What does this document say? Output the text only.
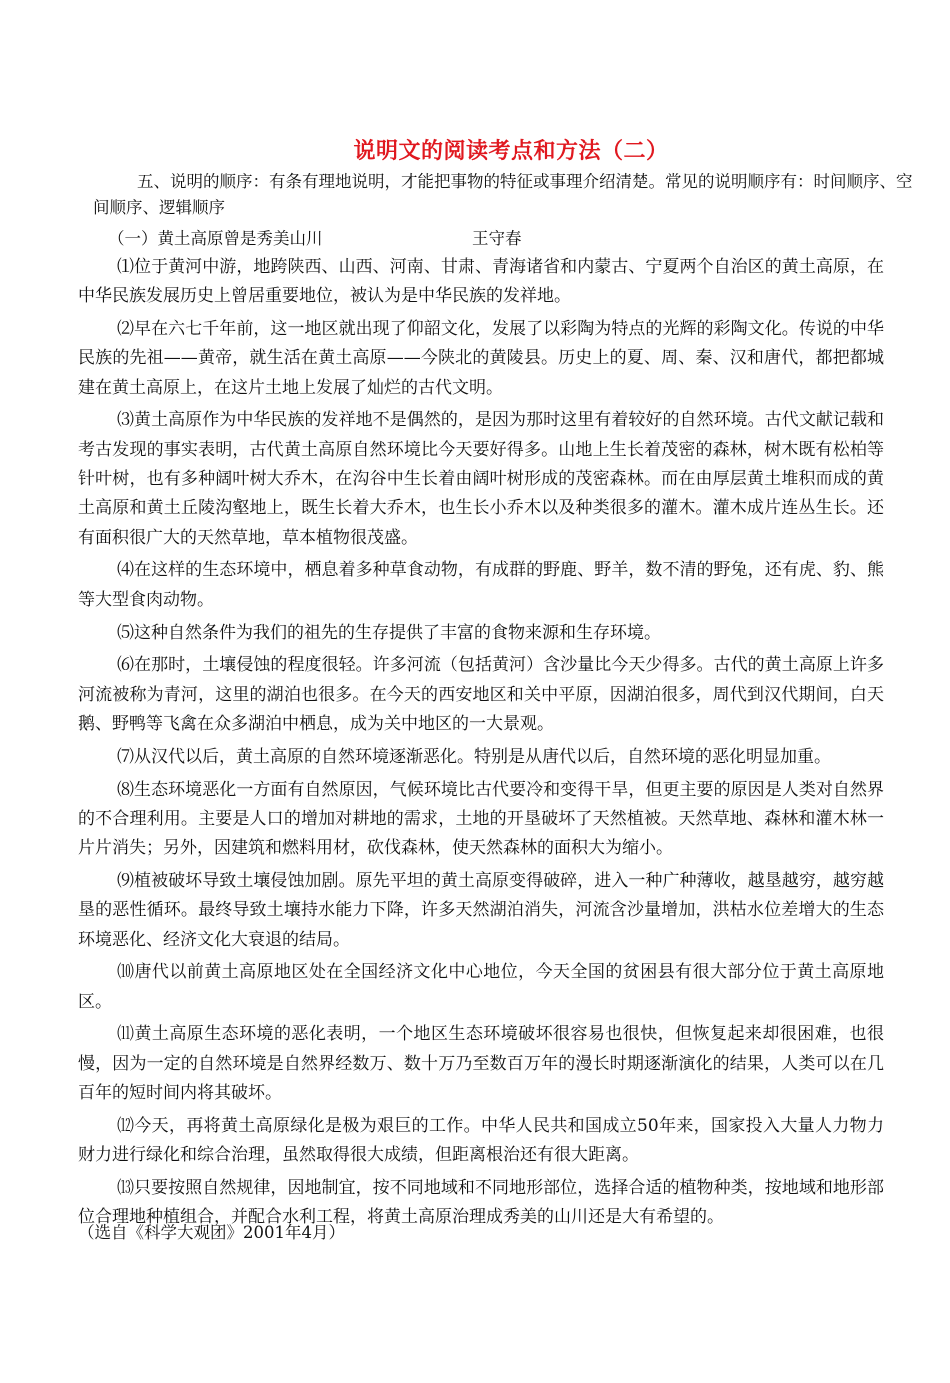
说明文的阅读考点和方法（二）
五、说明的顺序：有条有理地说明，才能把事物的特征或事理介绍清楚。常见的说明顺序有：时间顺序、空间顺序、逻辑顺序
（一）黄土高原曾是秀美山川	王守春

⑴位于黄河中游，地跨陕西、山西、河南、甘肃、青海诸省和内蒙古、宁夏两个自治区的黄土高原，在中华民族发展历史上曾居重要地位，被认为是中华民族的发祥地。

⑵早在六七千年前，这一地区就出现了仰韶文化，发展了以彩陶为特点的光辉的彩陶文化。传说的中华民族的先祖——黄帝，就生活在黄土高原——今陕北的黄陵县。历史上的夏、周、秦、汉和唐代，都把都城建在黄土高原上，在这片土地上发展了灿烂的古代文明。

⑶黄土高原作为中华民族的发祥地不是偶然的，是因为那时这里有着较好的自然环境。古代文献记载和考古发现的事实表明，古代黄土高原自然环境比今天要好得多。山地上生长着茂密的森林，树木既有松柏等针叶树，也有多种阔叶树大乔木，在沟谷中生长着由阔叶树形成的茂密森林。而在由厚层黄土堆积而成的黄土高原和黄土丘陵沟壑地上，既生长着大乔木，也生长小乔木以及种类很多的灌木。灌木成片连丛生长。还有面积很广大的天然草地，草本植物很茂盛。

⑷在这样的生态环境中，栖息着多种草食动物，有成群的野鹿、野羊，数不清的野兔，还有虎、豹、熊等大型食肉动物。

⑸这种自然条件为我们的祖先的生存提供了丰富的食物来源和生存环境。

⑹在那时，土壤侵蚀的程度很轻。许多河流（包括黄河）含沙量比今天少得多。古代的黄土高原上许多河流被称为青河，这里的湖泊也很多。在今天的西安地区和关中平原，因湖泊很多，周代到汉代期间，白天鹅、野鸭等飞禽在众多湖泊中栖息，成为关中地区的一大景观。

⑺从汉代以后，黄土高原的自然环境逐渐恶化。特别是从唐代以后，自然环境的恶化明显加重。

⑻生态环境恶化一方面有自然原因，气候环境比古代要冷和变得干旱，但更主要的原因是人类对自然界的不合理利用。主要是人口的增加对耕地的需求，土地的开垦破坏了天然植被。天然草地、森林和灌木林一片片消失；另外，因建筑和燃料用材，砍伐森林，使天然森林的面积大为缩小。

⑼植被破坏导致土壤侵蚀加剧。原先平坦的黄土高原变得破碎，进入一种广种薄收，越垦越穷，越穷越垦的恶性循环。最终导致土壤持水能力下降，许多天然湖泊消失，河流含沙量增加，洪枯水位差增大的生态环境恶化、经济文化大衰退的结局。

⑽唐代以前黄土高原地区处在全国经济文化中心地位，今天全国的贫困县有很大部分位于黄土高原地区。

⑾黄土高原生态环境的恶化表明，一个地区生态环境破坏很容易也很快，但恢复起来却很困难，也很慢，因为一定的自然环境是自然界经数万、数十万乃至数百万年的漫长时期逐渐演化的结果，人类可以在几百年的短时间内将其破坏。

⑿今天，再将黄土高原绿化是极为艰巨的工作。中华人民共和国成立50年来，国家投入大量人力物力财力进行绿化和综合治理，虽然取得很大成绩，但距离根治还有很大距离。

⒀只要按照自然规律，因地制宜，按不同地域和不同地形部位，选择合适的植物种类，按地域和地形部位合理地种植组合，并配合水利工程，将黄土高原治理成秀美的山川还是大有希望的。

（选自《科学大观团》2001年4月）
